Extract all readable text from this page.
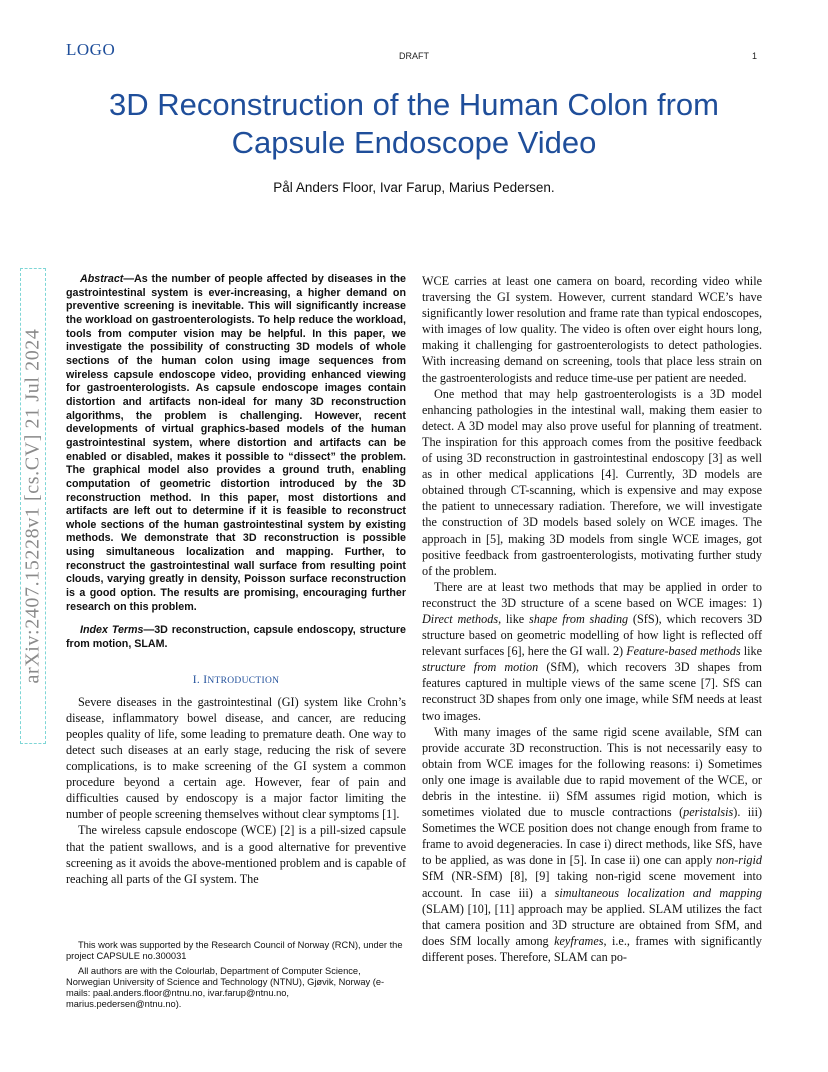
LOGO	DRAFT	1
3D Reconstruction of the Human Colon from
Capsule Endoscope Video
Pål Anders Floor, Ivar Farup, Marius Pedersen.
arXiv:2407.15228v1 [cs.CV] 21 Jul 2024

Abstract—As the number of people affected by diseases in the gastrointestinal system is ever-increasing, a higher demand on preventive screening is inevitable. This will significantly increase the workload on gastroenterologists. To help reduce the workload, tools from computer vision may be helpful. In this paper, we investigate the possibility of constructing 3D models of whole sections of the human colon using image sequences from wireless capsule endoscope video, providing enhanced viewing for gastroenterologists. As capsule endoscope images contain distortion and artifacts non-ideal for many 3D reconstruction algorithms, the problem is challenging. However, recent developments of virtual graphics-based models of the human gastrointestinal system, where distortion and artifacts can be enabled or disabled, makes it possible to “dissect” the problem. The graphical model also provides a ground truth, enabling computation of geometric distortion introduced by the 3D reconstruction method. In this paper, most distortions and artifacts are left out to determine if it is feasible to reconstruct whole sections of the human gastrointestinal system by existing methods. We demonstrate that 3D reconstruction is possible using simultaneous localization and mapping. Further, to reconstruct the gastrointestinal wall surface from resulting point clouds, varying greatly in density, Poisson surface reconstruction is a good option. The results are promising, encouraging further research on this problem.

Index Terms—3D reconstruction, capsule endoscopy, structure from motion, SLAM.

I. INTRODUCTION

Severe diseases in the gastrointestinal (GI) system like Crohn’s disease, inflammatory bowel disease, and cancer, are reducing peoples quality of life, some leading to premature death. One way to detect such diseases at an early stage, reducing the risk of severe complications, is to make screening of the GI system a common procedure beyond a certain age. However, fear of pain and difficulties caused by endoscopy is a major factor limiting the number of people screening themselves without clear symptoms [1].

The wireless capsule endoscope (WCE) [2] is a pill-sized capsule that the patient swallows, and is a good alternative for preventive screening as it avoids the above-mentioned problem and is capable of reaching all parts of the GI system. The

This work was supported by the Research Council of Norway (RCN), under the project CAPSULE no.300031

All authors are with the Colourlab, Department of Computer Science, Norwegian University of Science and Technology (NTNU), Gjøvik, Norway (e-mails: paal.anders.floor@ntnu.no, ivar.farup@ntnu.no, marius.pedersen@ntnu.no).

WCE carries at least one camera on board, recording video while traversing the GI system. However, current standard WCE’s have significantly lower resolution and frame rate than typical endoscopes, with images of low quality. The video is often over eight hours long, making it challenging for gastroenterologists to detect pathologies. With increasing demand on screening, tools that place less strain on the gastroenterologists and reduce time-use per patient are needed.

One method that may help gastroenterologists is a 3D model enhancing pathologies in the intestinal wall, making them easier to detect. A 3D model may also prove useful for planning of treatment. The inspiration for this approach comes from the positive feedback of using 3D reconstruction in gastrointestinal endoscopy [3] as well as in other medical applications [4]. Currently, 3D models are obtained through CT-scanning, which is expensive and may expose the patient to unnecessary radiation. Therefore, we will investigate the construction of 3D models based solely on WCE images. The approach in [5], making 3D models from single WCE images, got positive feedback from gastroenterologists, motivating further study of the problem.

There are at least two methods that may be applied in order to reconstruct the 3D structure of a scene based on WCE images: 1) Direct methods, like shape from shading (SfS), which recovers 3D structure based on geometric modelling of how light is reflected off relevant surfaces [6], here the GI wall. 2) Feature-based methods like structure from motion (SfM), which recovers 3D shapes from features captured in multiple views of the same scene [7]. SfS can reconstruct 3D shapes from only one image, while SfM needs at least two images.

With many images of the same rigid scene available, SfM can provide accurate 3D reconstruction. This is not necessarily easy to obtain from WCE images for the following reasons: i) Sometimes only one image is available due to rapid movement of the WCE, or debris in the intestine. ii) SfM assumes rigid motion, which is sometimes violated due to muscle contractions (peristalsis). iii) Sometimes the WCE position does not change enough from frame to frame to avoid degeneracies. In case i) direct methods, like SfS, have to be applied, as was done in [5]. In case ii) one can apply non-rigid SfM (NR-SfM) [8], [9] taking non-rigid scene movement into account. In case iii) a simultaneous localization and mapping (SLAM) [10], [11] approach may be applied. SLAM utilizes the fact that camera position and 3D structure are obtained from SfM, and does SfM locally among keyframes, i.e., frames with significantly different poses. Therefore, SLAM can po-
